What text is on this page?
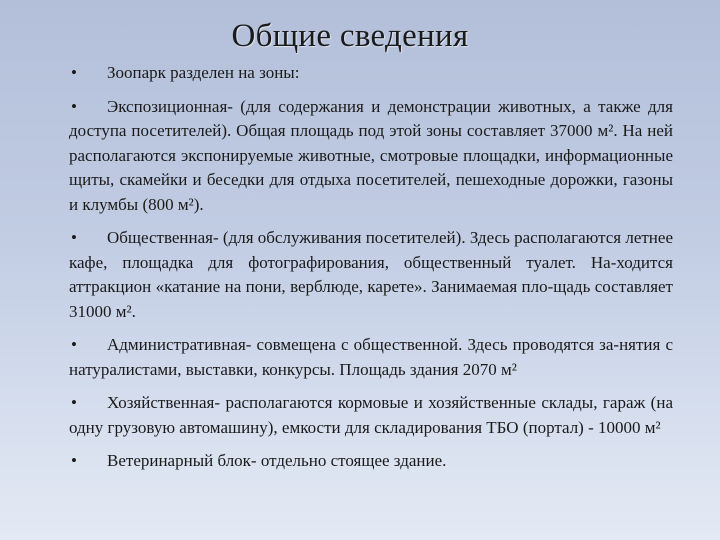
Общие сведения
• Зоопарк разделен на зоны:
• Экспозиционная- (для содержания и демонстрации животных, а также для доступа посетителей). Общая площадь под этой зоны составляет 37000 м². На ней располагаются экспонируемые животные, смотровые площадки, информационные щиты, скамейки и беседки для отдыха посетителей, пешеходные дорожки, газоны и клумбы (800 м²).
• Общественная- (для обслуживания посетителей). Здесь располагаются летнее кафе, площадка для фотографирования, общественный туалет. На-ходится аттракцион «катание на пони, верблюде, карете». Занимаемая пло-щадь составляет 31000 м².
• Административная- совмещена с общественной. Здесь проводятся за-нятия с натуралистами, выставки, конкурсы. Площадь здания 2070 м²
• Хозяйственная- располагаются кормовые и хозяйственные склады, гараж (на одну грузовую автомашину), емкости для складирования ТБО (портал) - 10000 м²
• Ветеринарный блок- отдельно стоящее здание.
